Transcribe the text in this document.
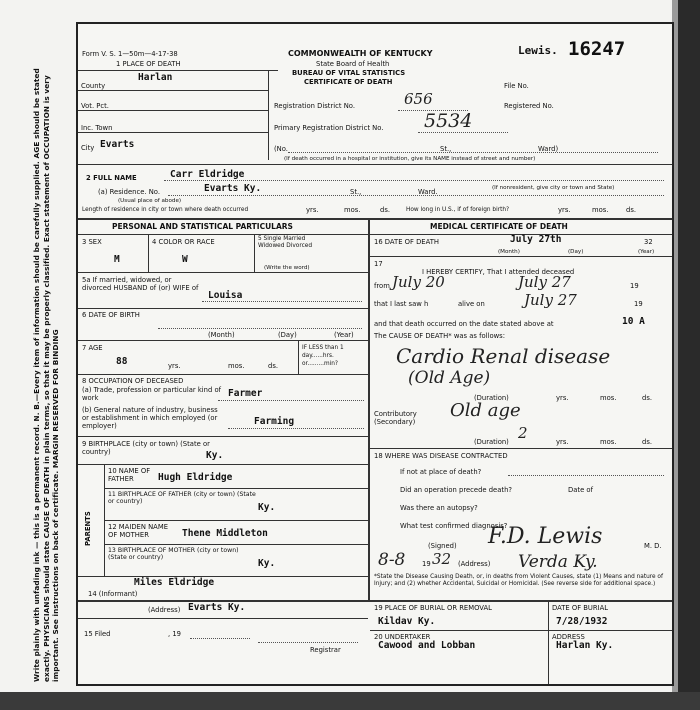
Write plainly with unfading ink — this is a permanent record. N. B.—Every item of information should be carefully supplied. AGE should be stated exactly. PHYSICIANS should state CAUSE OF DEATH in plain terms, so that it may be properly classified. Exact statement of OCCUPATION is very important. See instructions on back of certificate. MARGIN RESERVED FOR BINDING
Form V. S. 1—50m—4-17-38
1 PLACE OF DEATH
COMMONWEALTH OF KENTUCKY
State Board of Health
BUREAU OF VITAL STATISTICS
CERTIFICATE OF DEATH
Lewis. 16247
County
Harlan
Vot. Pct.
Inc. Town
City Evarts
Registration District No.	656
Primary Registration District No. 5534
File No.
Registered No.
(No.	St.,	Ward)
(If death occurred in a hospital or institution, give its NAME instead of street and number)
2 FULL NAME	Carr Eldridge
(a) Residence. No.	Evarts Ky.
(Usual place of abode)
St.,	Ward.	(If nonresident, give city or town and State)
Length of residence in city or town where death occurred	yrs.	mos.	ds.	How long in U.S., if of foreign birth?	yrs.	mos.	ds.
PERSONAL AND STATISTICAL PARTICULARS	MEDICAL CERTIFICATE OF DEATH
3 SEX
M
4 COLOR OR RACE
W
5 Single Married Widowed Divorced
(Write the word)
5a If married, widowed, or divorced HUSBAND of (or) WIFE of
Louisa
6 DATE OF BIRTH
(Month)	(Day)	(Year)
7 AGE
88	yrs.	mos.	ds.
IF LESS than 1 day......hrs. or.........min?
8 OCCUPATION OF DECEASED
(a) Trade, profession or particular kind of work	Farmer
(b) General nature of industry, business or establishment in which employed (or employer)	Farming
9 BIRTHPLACE (city or town) (State or country)	Ky.
PARENTS
10 NAME OF FATHER	Hugh Eldridge
11 BIRTHPLACE OF FATHER (city or town) (State or country)
Ky.
12 MAIDEN NAME OF MOTHER	Thene Middleton
13 BIRTHPLACE OF MOTHER (city or town) (State or country)
Ky.
Miles Eldridge
14 (Informant)
(Address) Evarts Ky.
15 Filed	, 19
Registrar
16 DATE OF DEATH	July 27th	32
(Month)	(Day)	(Year)
17
I HEREBY CERTIFY, That I attended deceased
from July 20	July 27	19
that I last saw h	alive on	July 27	19
and that death occurred on the date stated above at	10 A
The CAUSE OF DEATH* was as follows:
Cardio Renal disease
(Old Age)
(Duration)	yrs.	mos.	ds.
Contributory (Secondary)
Old age
(Duration) 2	yrs.	mos.	ds.
18 WHERE WAS DISEASE CONTRACTED
If not at place of death?
Did an operation precede death?	Date of
Was there an autopsy?
What test confirmed diagnosis?
(Signed) F.D. Lewis	M. D.
8-8 19 32 (Address) Verda Ky.
*State the Disease Causing Death, or, in deaths from Violent Causes, state (1) Means and nature of Injury; and (2) whether Accidental, Suicidal or Homicidal. (See reverse side for additional space.)
19 PLACE OF BURIAL OR REMOVAL
Kildav Ky.
DATE OF BURIAL
7/28/1932
20 UNDERTAKER
Cawood and Lobban
ADDRESS
Harlan Ky.
